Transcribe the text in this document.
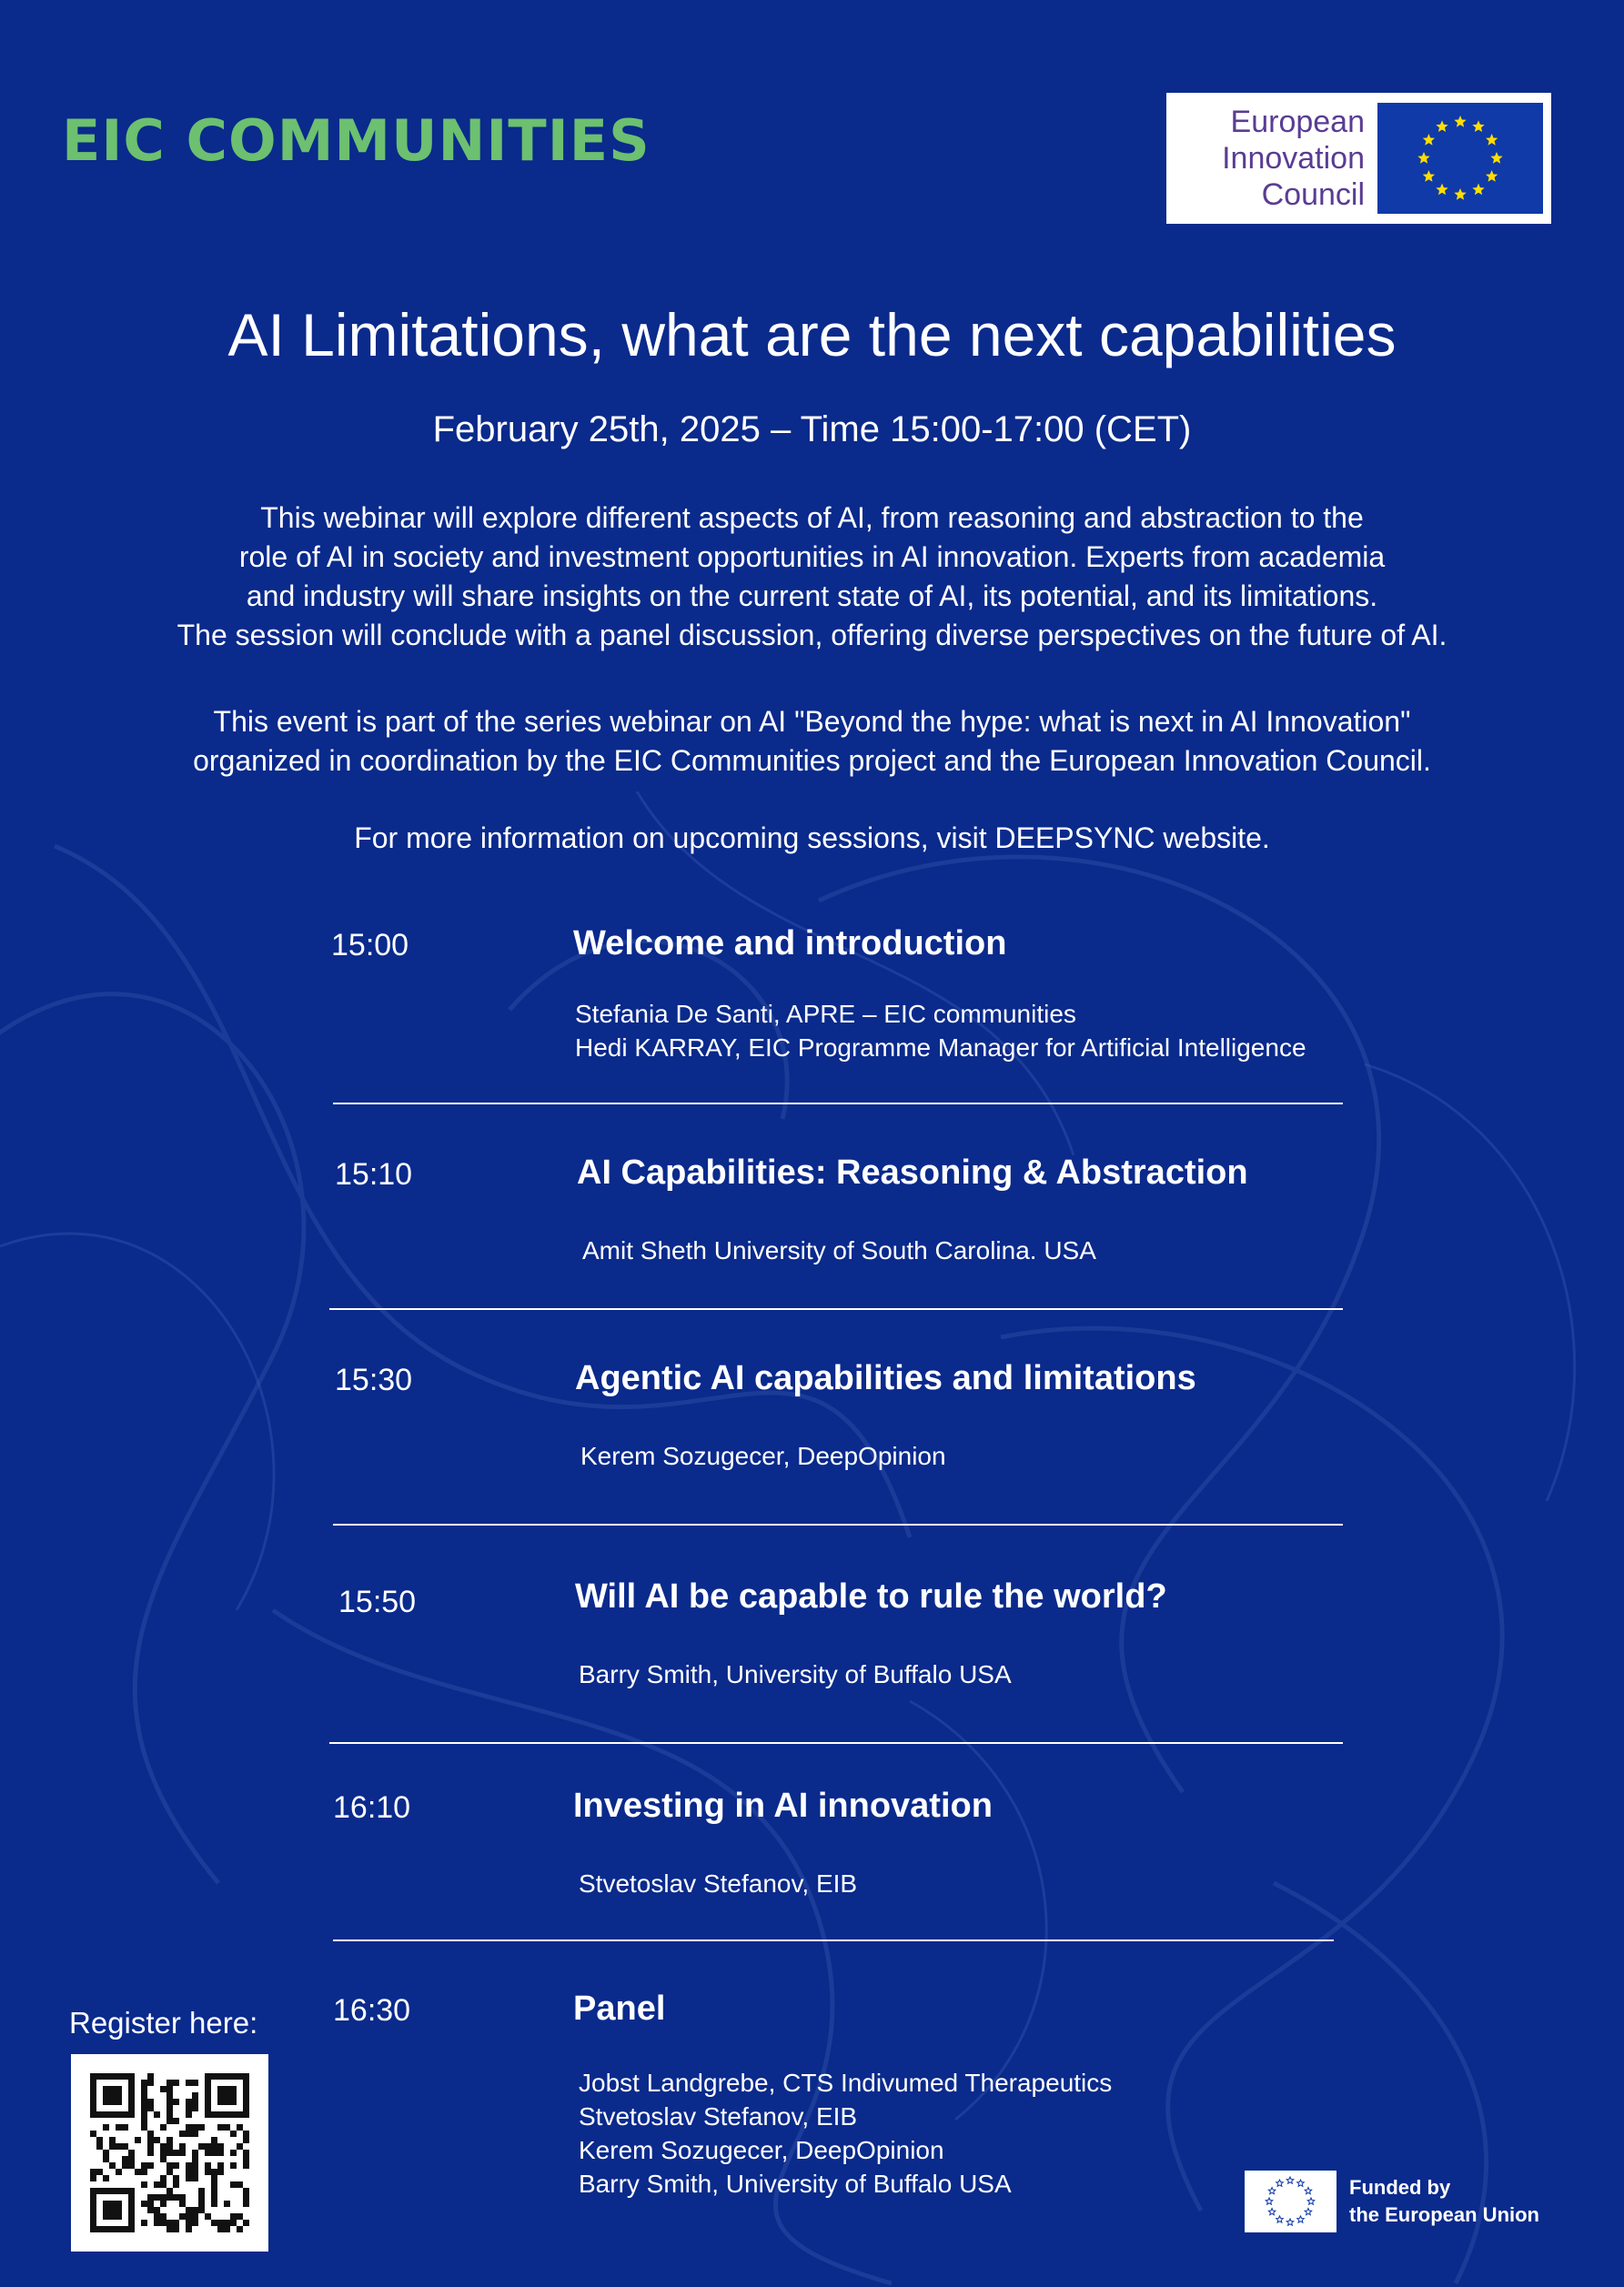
EIC COMMUNITIES	European
Innovation
Council
AI Limitations, what are the next capabilities
February 25th, 2025 – Time 15:00-17:00 (CET)
This webinar will explore different aspects of AI, from reasoning and abstraction to the
role of AI in society and investment opportunities in AI innovation. Experts from academia
and industry will share insights on the current state of AI, its potential, and its limitations.
The session will conclude with a panel discussion, offering diverse perspectives on the future of AI.
This event is part of the series webinar on AI "Beyond the hype: what is next in AI Innovation"
organized in coordination by the EIC Communities project and the European Innovation Council.
For more information on upcoming sessions, visit DEEPSYNC website.
15:00	Welcome and introduction
Stefania De Santi, APRE – EIC communities
Hedi KARRAY, EIC Programme Manager for Artificial Intelligence
15:10	AI Capabilities: Reasoning & Abstraction
Amit Sheth University of South Carolina. USA
15:30	Agentic AI capabilities and limitations
Kerem Sozugecer, DeepOpinion
15:50	Will AI be capable to rule the world?
Barry Smith, University of Buffalo USA
16:10	Investing in AI innovation
Stvetoslav Stefanov, EIB
16:30	Panel
Jobst Landgrebe, CTS Indivumed Therapeutics
Stvetoslav Stefanov, EIB
Kerem Sozugecer, DeepOpinion
Barry Smith, University of Buffalo USA
Register here:
Funded by
the European Union
